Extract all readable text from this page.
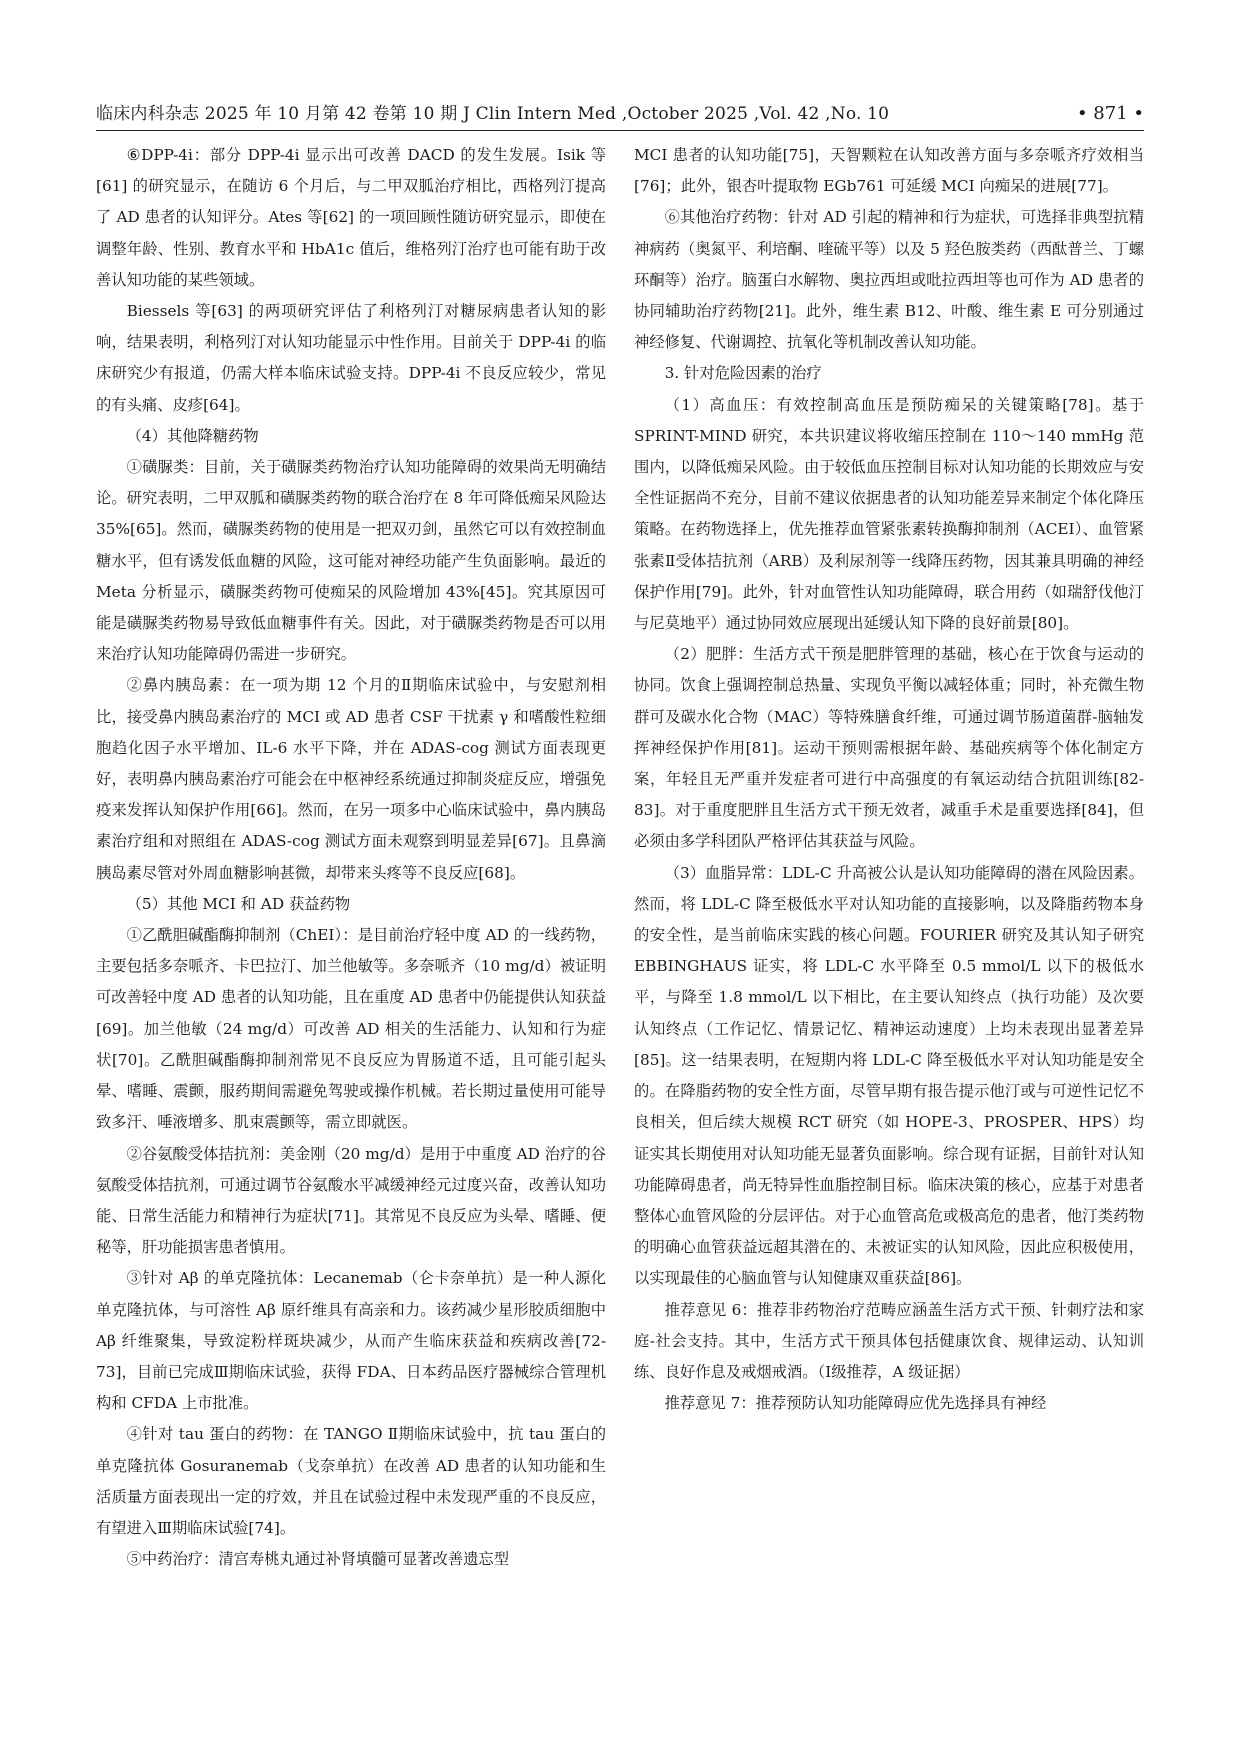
临床内科杂志 2025 年 10 月第 42 卷第 10 期 J Clin Intern Med ,October 2025 ,Vol. 42 ,No. 10	• 871 •

⑥DPP-4i：部分 DPP-4i 显示出可改善 DACD 的发生发展。Isik 等[61] 的研究显示，在随访 6 个月后，与二甲双胍治疗相比，西格列汀提高了 AD 患者的认知评分。Ates 等[62] 的一项回顾性随访研究显示，即使在调整年龄、性别、教育水平和 HbA1c 值后，维格列汀治疗也可能有助于改善认知功能的某些领域。

Biessels 等[63] 的两项研究评估了利格列汀对糖尿病患者认知的影响，结果表明，利格列汀对认知功能显示中性作用。目前关于 DPP-4i 的临床研究少有报道，仍需大样本临床试验支持。DPP-4i 不良反应较少，常见的有头痛、皮疹[64]。

（4）其他降糖药物

①磺脲类：目前，关于磺脲类药物治疗认知功能障碍的效果尚无明确结论。研究表明，二甲双胍和磺脲类药物的联合治疗在 8 年可降低痴呆风险达 35%[65]。然而，磺脲类药物的使用是一把双刃剑，虽然它可以有效控制血糖水平，但有诱发低血糖的风险，这可能对神经功能产生负面影响。最近的 Meta 分析显示，磺脲类药物可使痴呆的风险增加 43%[45]。究其原因可能是磺脲类药物易导致低血糖事件有关。因此，对于磺脲类药物是否可以用来治疗认知功能障碍仍需进一步研究。

②鼻内胰岛素：在一项为期 12 个月的Ⅱ期临床试验中，与安慰剂相比，接受鼻内胰岛素治疗的 MCI 或 AD 患者 CSF 干扰素 γ 和嗜酸性粒细胞趋化因子水平增加、IL-6 水平下降，并在 ADAS-cog 测试方面表现更好，表明鼻内胰岛素治疗可能会在中枢神经系统通过抑制炎症反应，增强免疫来发挥认知保护作用[66]。然而，在另一项多中心临床试验中，鼻内胰岛素治疗组和对照组在 ADAS-cog 测试方面未观察到明显差异[67]。且鼻滴胰岛素尽管对外周血糖影响甚微，却带来头疼等不良反应[68]。

（5）其他 MCI 和 AD 获益药物

①乙酰胆碱酯酶抑制剂（ChEI）：是目前治疗轻中度 AD 的一线药物，主要包括多奈哌齐、卡巴拉汀、加兰他敏等。多奈哌齐（10 mg/d）被证明可改善轻中度 AD 患者的认知功能，且在重度 AD 患者中仍能提供认知获益[69]。加兰他敏（24 mg/d）可改善 AD 相关的生活能力、认知和行为症状[70]。乙酰胆碱酯酶抑制剂常见不良反应为胃肠道不适，且可能引起头晕、嗜睡、震颤，服药期间需避免驾驶或操作机械。若长期过量使用可能导致多汗、唾液增多、肌束震颤等，需立即就医。

②谷氨酸受体拮抗剂：美金刚（20 mg/d）是用于中重度 AD 治疗的谷氨酸受体拮抗剂，可通过调节谷氨酸水平减缓神经元过度兴奋，改善认知功能、日常生活能力和精神行为症状[71]。其常见不良反应为头晕、嗜睡、便秘等，肝功能损害患者慎用。

③针对 Aβ 的单克隆抗体：Lecanemab（仑卡奈单抗）是一种人源化单克隆抗体，与可溶性 Aβ 原纤维具有高亲和力。该药减少星形胶质细胞中 Aβ 纤维聚集，导致淀粉样斑块减少，从而产生临床获益和疾病改善[72-73]，目前已完成Ⅲ期临床试验，获得 FDA、日本药品医疗器械综合管理机构和 CFDA 上市批准。

④针对 tau 蛋白的药物：在 TANGO Ⅱ期临床试验中，抗 tau 蛋白的单克隆抗体 Gosuranemab（戈奈单抗）在改善 AD 患者的认知功能和生活质量方面表现出一定的疗效，并且在试验过程中未发现严重的不良反应，有望进入Ⅲ期临床试验[74]。

⑤中药治疗：清宫寿桃丸通过补肾填髓可显著改善遗忘型

MCI 患者的认知功能[75]，天智颗粒在认知改善方面与多奈哌齐疗效相当[76]；此外，银杏叶提取物 EGb761 可延缓 MCI 向痴呆的进展[77]。

⑥其他治疗药物：针对 AD 引起的精神和行为症状，可选择非典型抗精神病药（奥氮平、利培酮、喹硫平等）以及 5 羟色胺类药（西酞普兰、丁螺环酮等）治疗。脑蛋白水解物、奥拉西坦或吡拉西坦等也可作为 AD 患者的协同辅助治疗药物[21]。此外，维生素 B12、叶酸、维生素 E 可分别通过神经修复、代谢调控、抗氧化等机制改善认知功能。

3. 针对危险因素的治疗

（1）高血压：有效控制高血压是预防痴呆的关键策略[78]。基于 SPRINT-MIND 研究，本共识建议将收缩压控制在 110～140 mmHg 范围内，以降低痴呆风险。由于较低血压控制目标对认知功能的长期效应与安全性证据尚不充分，目前不建议依据患者的认知功能差异来制定个体化降压策略。在药物选择上，优先推荐血管紧张素转换酶抑制剂（ACEI）、血管紧张素Ⅱ受体拮抗剂（ARB）及利尿剂等一线降压药物，因其兼具明确的神经保护作用[79]。此外，针对血管性认知功能障碍，联合用药（如瑞舒伐他汀与尼莫地平）通过协同效应展现出延缓认知下降的良好前景[80]。

（2）肥胖：生活方式干预是肥胖管理的基础，核心在于饮食与运动的协同。饮食上强调控制总热量、实现负平衡以减轻体重；同时，补充微生物群可及碳水化合物（MAC）等特殊膳食纤维，可通过调节肠道菌群-脑轴发挥神经保护作用[81]。运动干预则需根据年龄、基础疾病等个体化制定方案，年轻且无严重并发症者可进行中高强度的有氧运动结合抗阻训练[82-83]。对于重度肥胖且生活方式干预无效者，减重手术是重要选择[84]，但必须由多学科团队严格评估其获益与风险。

（3）血脂异常：LDL-C 升高被公认是认知功能障碍的潜在风险因素。然而，将 LDL-C 降至极低水平对认知功能的直接影响，以及降脂药物本身的安全性，是当前临床实践的核心问题。FOURIER 研究及其认知子研究 EBBINGHAUS 证实，将 LDL-C 水平降至 0.5 mmol/L 以下的极低水平，与降至 1.8 mmol/L 以下相比，在主要认知终点（执行功能）及次要认知终点（工作记忆、情景记忆、精神运动速度）上均未表现出显著差异[85]。这一结果表明，在短期内将 LDL-C 降至极低水平对认知功能是安全的。在降脂药物的安全性方面，尽管早期有报告提示他汀或与可逆性记忆不良相关，但后续大规模 RCT 研究（如 HOPE-3、PROSPER、HPS）均证实其长期使用对认知功能无显著负面影响。综合现有证据，目前针对认知功能障碍患者，尚无特异性血脂控制目标。临床决策的核心，应基于对患者整体心血管风险的分层评估。对于心血管高危或极高危的患者，他汀类药物的明确心血管获益远超其潜在的、未被证实的认知风险，因此应积极使用，以实现最佳的心脑血管与认知健康双重获益[86]。

推荐意见 6：推荐非药物治疗范畴应涵盖生活方式干预、针刺疗法和家庭-社会支持。其中，生活方式干预具体包括健康饮食、规律运动、认知训练、良好作息及戒烟戒酒。（Ⅰ级推荐，A 级证据）

推荐意见 7：推荐预防认知功能障碍应优先选择具有神经
